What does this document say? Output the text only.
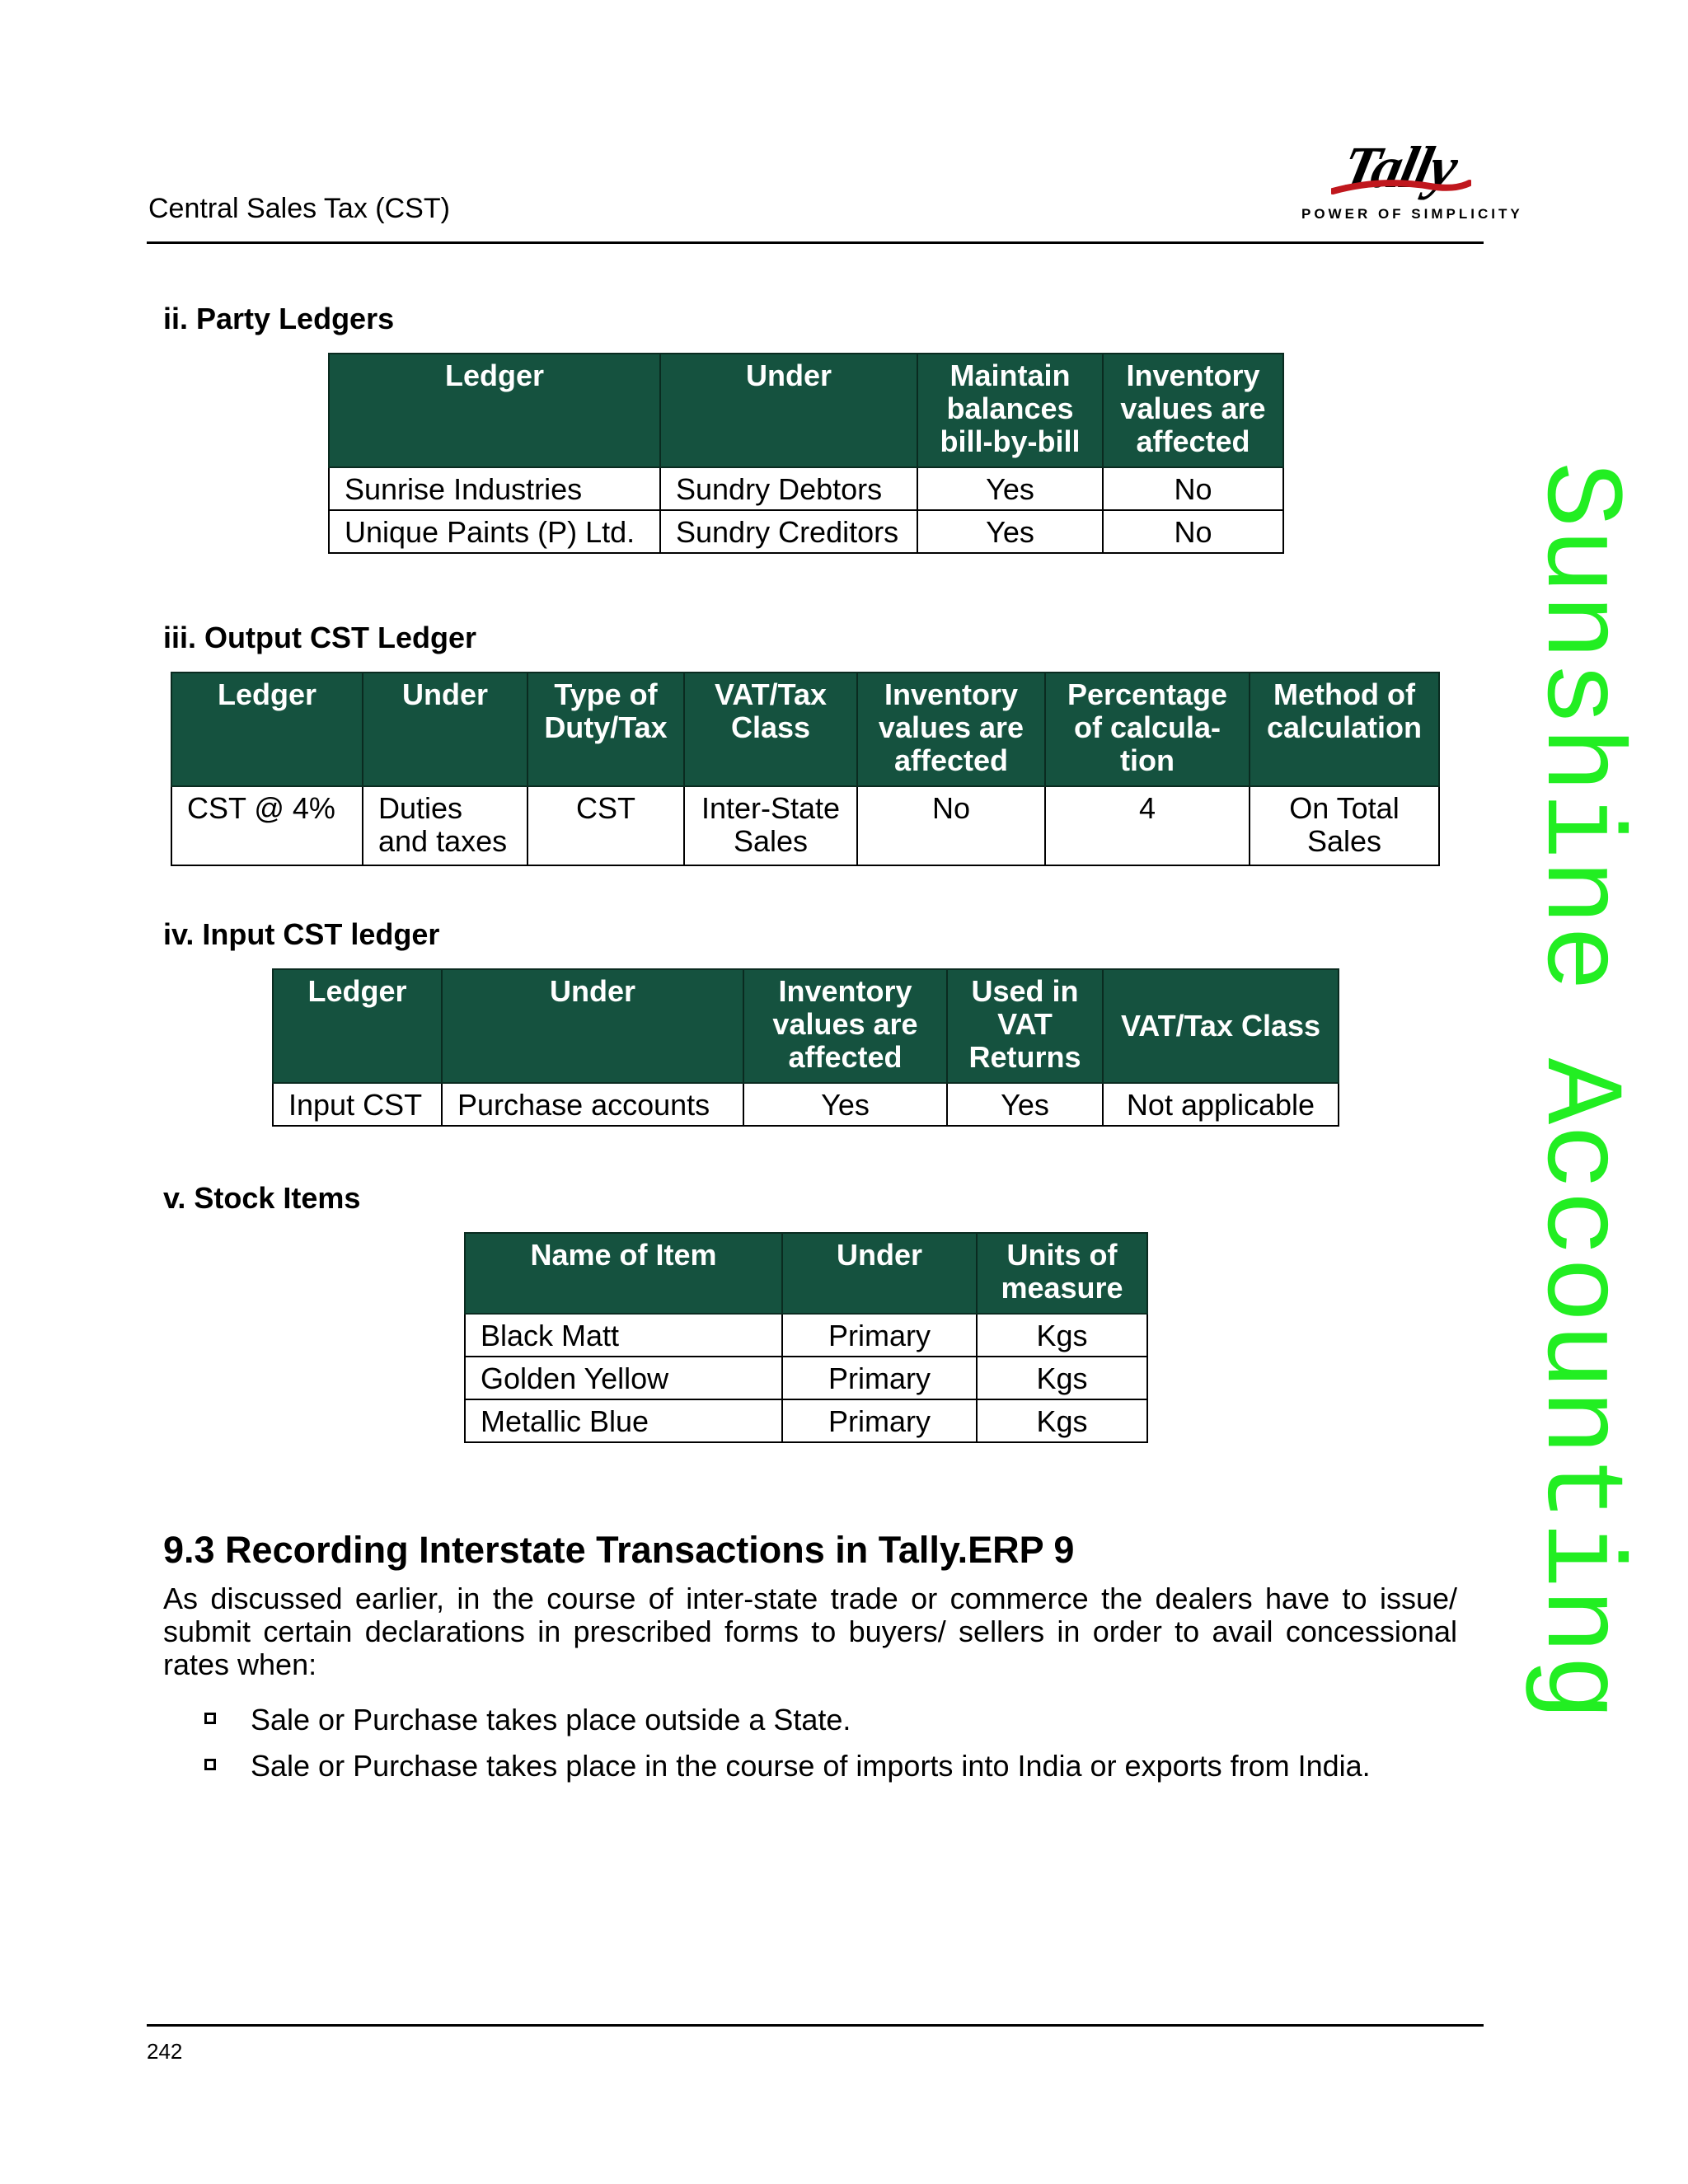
Central Sales Tax (CST)
Tally
POWER OF SIMPLICITY
ii. Party Ledgers
Ledger	Under	Maintain balances bill-by-bill	Inventory values are affected
Sunrise Industries	Sundry Debtors	Yes	No
Unique Paints (P) Ltd.	Sundry Creditors	Yes	No
iii. Output CST Ledger
Ledger	Under	Type of Duty/Tax	VAT/Tax Class	Inventory values are affected	Percentage of calcula-tion	Method of calculation
CST @ 4%	Duties and taxes	CST	Inter-State Sales	No	4	On Total Sales
iv. Input CST ledger
Ledger	Under	Inventory values are affected	Used in VAT Returns	VAT/Tax Class
Input CST	Purchase accounts	Yes	Yes	Not applicable
v. Stock Items
Name of Item	Under	Units of measure
Black Matt	Primary	Kgs
Golden Yellow	Primary	Kgs
Metallic Blue	Primary	Kgs
9.3 Recording Interstate Transactions in Tally.ERP 9
As discussed earlier, in the course of inter-state trade or commerce the dealers have to issue/ submit certain declarations in prescribed forms to buyers/ sellers in order to avail concessional rates when:
Sale or Purchase takes place outside a State.
Sale or Purchase takes place in the course of imports into India or exports from India.
Sunshine Accounting
242
